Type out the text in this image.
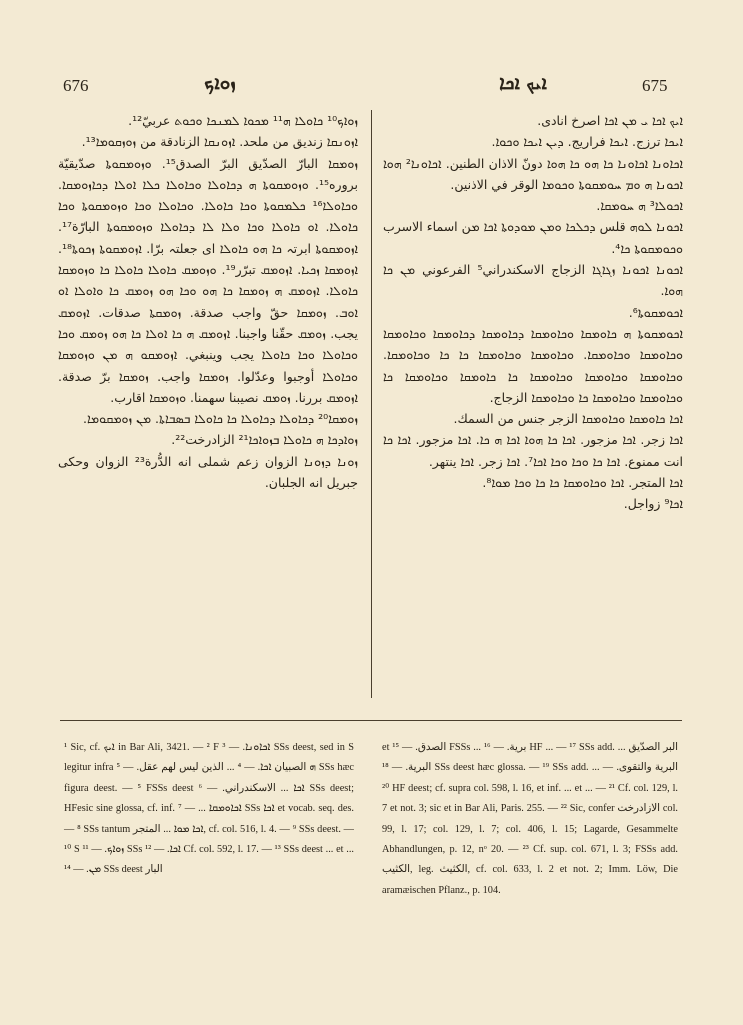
676	ܙܘܐܟ	ܐܝܟ ܐܟܐ	675

ܙܘܐܟ¹⁰ ܟܐܘܠܐ ܗ¹¹ ܡܟܘܐ ܠܡܢܟܐ ܘܟܘܬ عربيّ¹².

ܐܙܘܢܩܐ زنديق من ملحد. ܐܙܘܢܩܐ الزنادقة من ܙܘܙܩܘܡܐ¹³.

ܙܘܡܩܐ البارّ الصدّيق البرّ الصدق¹⁵. ܘܙܘܡܩܘܬܐ صدّيقيّة بروره¹⁵. ܘܙܘܡܩܘܬܐ ܗ ܕܟܐܘܠܐ ܘܟܐܘܠܐ ܟܠܐ ܐܘܠܐ ܕܟܐܙܘܡܩܐ. ܘܟܐܘܠܐ¹⁶ ܟܠܡܩܘܬܐ ܘܟܐ ܟܐܘܠܐ. ܘܟܐܘܠܐ ܘܟܐ ܘܙܘܡܩܘܬܐ ܘܟܐ ܟܐܘܠܐ. ܐܘ ܟܐܘܠܐ ܘܟܐ ܘܠܐ ܠܐ ܕܟܐܘܠܐ ܘܙܘܡܩܘܬܐ البارّة¹⁷. ܐܙܘܡܩܘܬܐ ابرتہ ܟܐ ܗܘ ܟܐܘܠܐ ای جعلتہ برّا. ܐܙܘܡܩܘܬܐ ܙܟܘܬܐ¹⁸. ܐܙܘܡܩܐ ܙܟܝܐ. ܐܙܘܡܩ تبرّر¹⁹. ܘܙܘܡܩ ܟܐܘܠܐ ܟܐܘܠܐ ܟܐ ܘܙܘܡܩܐ ܟܐܘܠܐ. ܐܙܘܡܩ ܗ ܙܘܡܩܐ ܟܐ ܗܘ ܘܟܐ ܗܘ ܙܘܡܩ ܟܐ ܘܐܘܠܐ ܐܘ ܐܘܒ. ܙܘܡܩܐ حقّ واجب صدقة. ܙܘܡܩܬܐ صدقات. ܐܙܘܡܩ يجب. ܙܘܡܩ حقّنا واجبنا. ܐܙܘܡܩ ܗ ܟܐ ܐܘܠܐ ܟܐ ܗܘ ܙܘܡܩ ܘܟܐ ܘܟܐܘܠܐ ܘܟܐ ܟܐܘܠܐ يجب وينبغي. ܐܙܘܡܩܘ ܗ ܡܢ ܘܙܘܡܩܐ ܘܟܐܘܠܐ أوجبوا وعدّلوا. ܙܘܡܩܐ واجب. ܙܘܡܩܐ برّ صدقة. ܐܙܘܡܩ بررنا. ܙܘܡܩ نصيبنا سهمنا. ܘܙܘܡܩܐ اقارب.

ܙܘܡܩܐ²⁰ ܕܟܐܘܠܐ ܕܟܐܘܠܐ ܟܐ ܟܐܘܠܐ ܒܣܒܐܬܐ. ܡܢ ܙܘܡܩܘܡܐ.

ܙܘܐܕܟܐ ܗ ܟܐܘܠܐ ܒܙܘܐܟܐ²¹ الزادرخت²².

ܙܘܢܐ ܕܙܘܢܐ الزوان زعم شملى انه الدُّرة²³ الزوان وحكى جبريل انه الجلبان.

ܐܝܟ ܐܟܐ ܝ ܡܢ ܐܟܐ اصرخ انادى.

ܐܝܟܐ ترزج. ܐܝܟܐ فراريج. ܕܝܢ ܐܝܟܐ ܘܟܘܐ.

ܐܟܐܘܢܐ ܐܟܐܘܢܐ ܟܐ ܗܘ ܟܐ ܗܘܐ دونّ الاذان الطنين. ܐܟܐܘܢܐ² ܗܘܐ ܐܟܘܢܐ ܗ ܘܡ ܚܘܡܩܘܬܐ ܘܟܘܡܐ الوقر في الاذنين.

ܐܟܘܠܐ³ ܗ ܚܘܡܩܐ.

ܐܟܘܢܐ ܠܘܗ قلس ܕܟܠܟܐ ܘܡܢ ܡܘܕܘܬܐ ܐܟܐ ܡن اسماء الاسرب ܘܟܘܡܩܘܬܐ ܟܐ⁴.

ܐܟܘܢܐ ܐܟܘܢܐ ܙܓܐܓܐ الزجاج الاسكندراني⁵ الفرعوني ܡܢ ܟܐ ܗܘܐ.

ܐܟܘܡܩܘܬܐ⁶.

ܐܟܘܡܩܘܬܐ ܗ ܟܐܘܡܩܐ ܘܟܐܘܡܩܐ ܕܟܐܘܡܩܐ ܕܟܐܘܡܩܐ ܘܟܐܘܡܩܐ ܘܟܐܘܡܩܐ ܘܟܐܘܡܩܐ. ܘܟܐܘܡܩܐ ܘܟܐܘܡܩܐ ܟܐ ܟܐ ܘܟܐܘܡܩܐ. ܘܟܐܘܡܩܐ ܘܟܐܘܡܩܐ ܘܟܐܘܡܩܐ ܟܐ ܟܐܘܡܩܐ ܘܟܐܘܡܩܐ ܟܐ ܘܟܐܘܡܩܐ ܘܟܐܘܡܩܐ ܟܐ ܘܟܐܘܡܩܐ الزجاج.

ܐܟܐ ܟܐܘܡܩܐ ܘܟܐܘܡܩܐ الزجر جنس من السمك.

ܐܟܐ زجر. ܐܟܐ مزجور. ܐܟܐ ܟܐ ܗܘܐ ܐܟܐ ܗ ܟܐ. ܐܟܐ مزجور. ܐܟܐ ܟܐ انت ممنوع. ܐܟܐ ܟܐ ܘܟܐ ܘܟܐ ܐܟܐ⁷. ܐܟܐ زجر. ܐܟܐ ينتهر.

ܐܟܐ المتجر. ܐܟܐ ܘܟܐܘܡܩܐ ܟܐ ܟܐ ܘܟܐ ܡܘܐ⁸.

ܐܟܐ⁹ زواجل.

¹ Sic, cf. ܐܝܟ in Bar Ali, 3421. — ² F ܐܟܐܘܢܐ. — ³ SSs deest, sed in S legitur infra ܗ الصبيان ܐܟܐ. — ⁴ ... الذين ليس لهم عقل. — ⁵ SSs hæc figura deest. — ⁵ FSSs deest ܐܟܐ ... الاسكندراني. — ⁶ SSs deest; HFesic sine glossa, cf. inf. ܐܟܐܘܡܩܐ ... — ⁷ SSs ܐܟܐ et vocab. seq. des. — ⁸ SSs tantum ܐܟܐ ܡܘܐ ... المتجر, cf. col. 516, l. 4. — ⁹ SSs deest. — ¹⁰ S ܙܘܐܟ. — ¹¹ SSs ܐܟܐ. — ¹² Cf. col. 592, l. 17. — ¹³ SSs deest ... et ... ܡܢ. — ¹⁴ SSs deest البار
et الصدق. — ¹⁵ FSSs ... برية. — ¹⁶ HF ... — ¹⁷ SSs add. ... البر الصدّيق البرية. — ¹⁸ SSs deest hæc glossa. — ¹⁹ SSs add. ... البرية والتقوى. — ²⁰ HF deest; cf. supra col. 598, l. 16, et inf. ... et ... — ²¹ Cf. col. 129, l. 7 et not. 3; sic et in Bar Ali, Paris. 255. — ²² Sic, confer الازادرخت col. 99, l. 17; col. 129, l. 7; col. 406, l. 15; Lagarde, Gesammelte Abhandlungen, p. 12, nᵒ 20. — ²³ Cf. sup. col. 671, l. 3; FSSs add. الكثيب, leg. الكثيث, cf. col. 633, l. 2 et not. 2; Imm. Löw, Die aramæischen Pflanz., p. 104.
